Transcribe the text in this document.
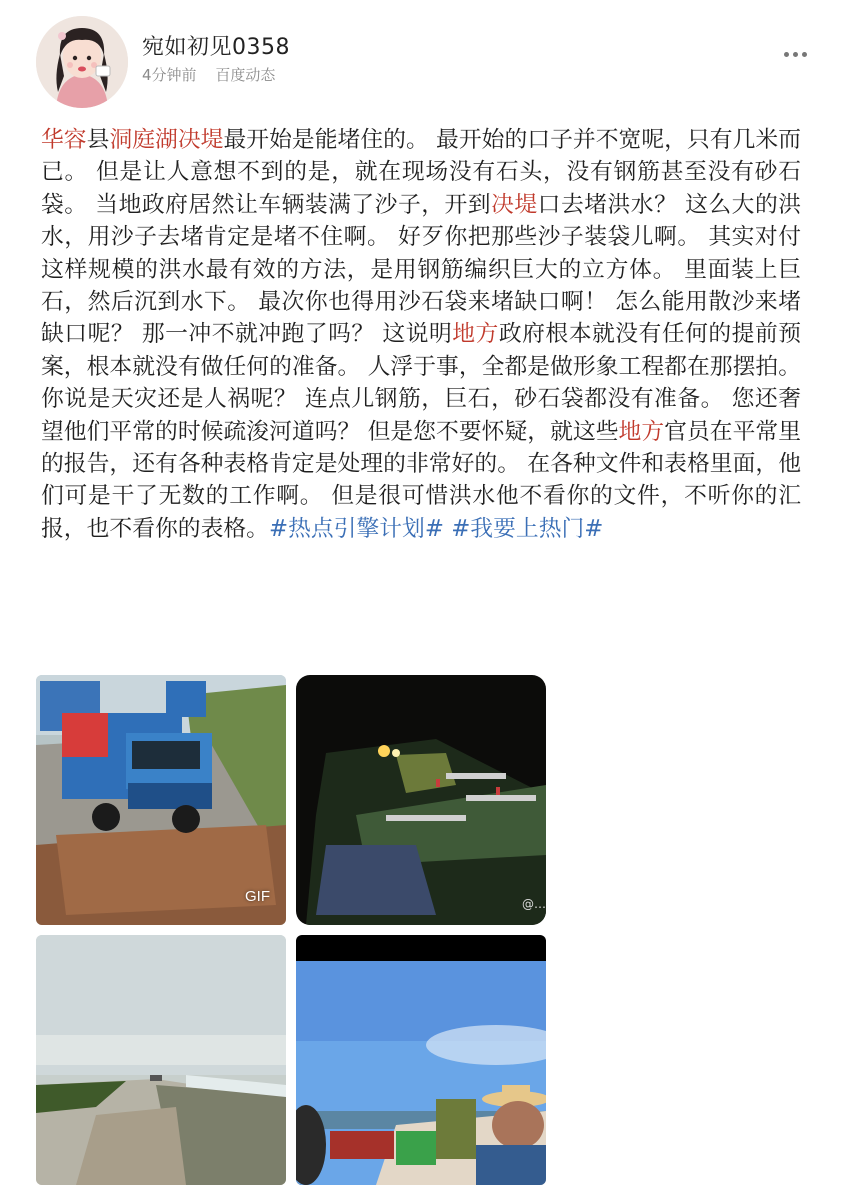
宛如初见0358
4分钟前 百度动态
华容县洞庭湖决堤最开始是能堵住的。 最开始的口子并不宽呢，只有几米而已。 但是让人意想不到的是，就在现场没有石头，没有钢筋甚至没有砂石袋。 当地政府居然让车辆装满了沙子，开到决堤口去堵洪水？ 这么大的洪水，用沙子去堵肯定是堵不住啊。 好歹你把那些沙子装袋儿啊。 其实对付这样规模的洪水最有效的方法，是用钢筋编织巨大的立方体。 里面装上巨石，然后沉到水下。 最次你也得用沙石袋来堵缺口啊！ 怎么能用散沙来堵缺口呢？ 那一冲不就冲跑了吗？ 这说明地方政府根本就没有任何的提前预案，根本就没有做任何的准备。 人浮于事，全都是做形象工程都在那摆拍。 你说是天灾还是人祸呢？ 连点儿钢筋，巨石，砂石袋都没有准备。 您还奢望他们平常的时候疏浚河道吗？ 但是您不要怀疑，就这些地方官员在平常里的报告，还有各种表格肯定是处理的非常好的。 在各种文件和表格里面，他们可是干了无数的工作啊。 但是很可惜洪水他不看你的文件，不听你的汇报，也不看你的表格。#热点引擎计划# #我要上热门#
GIF	@…
